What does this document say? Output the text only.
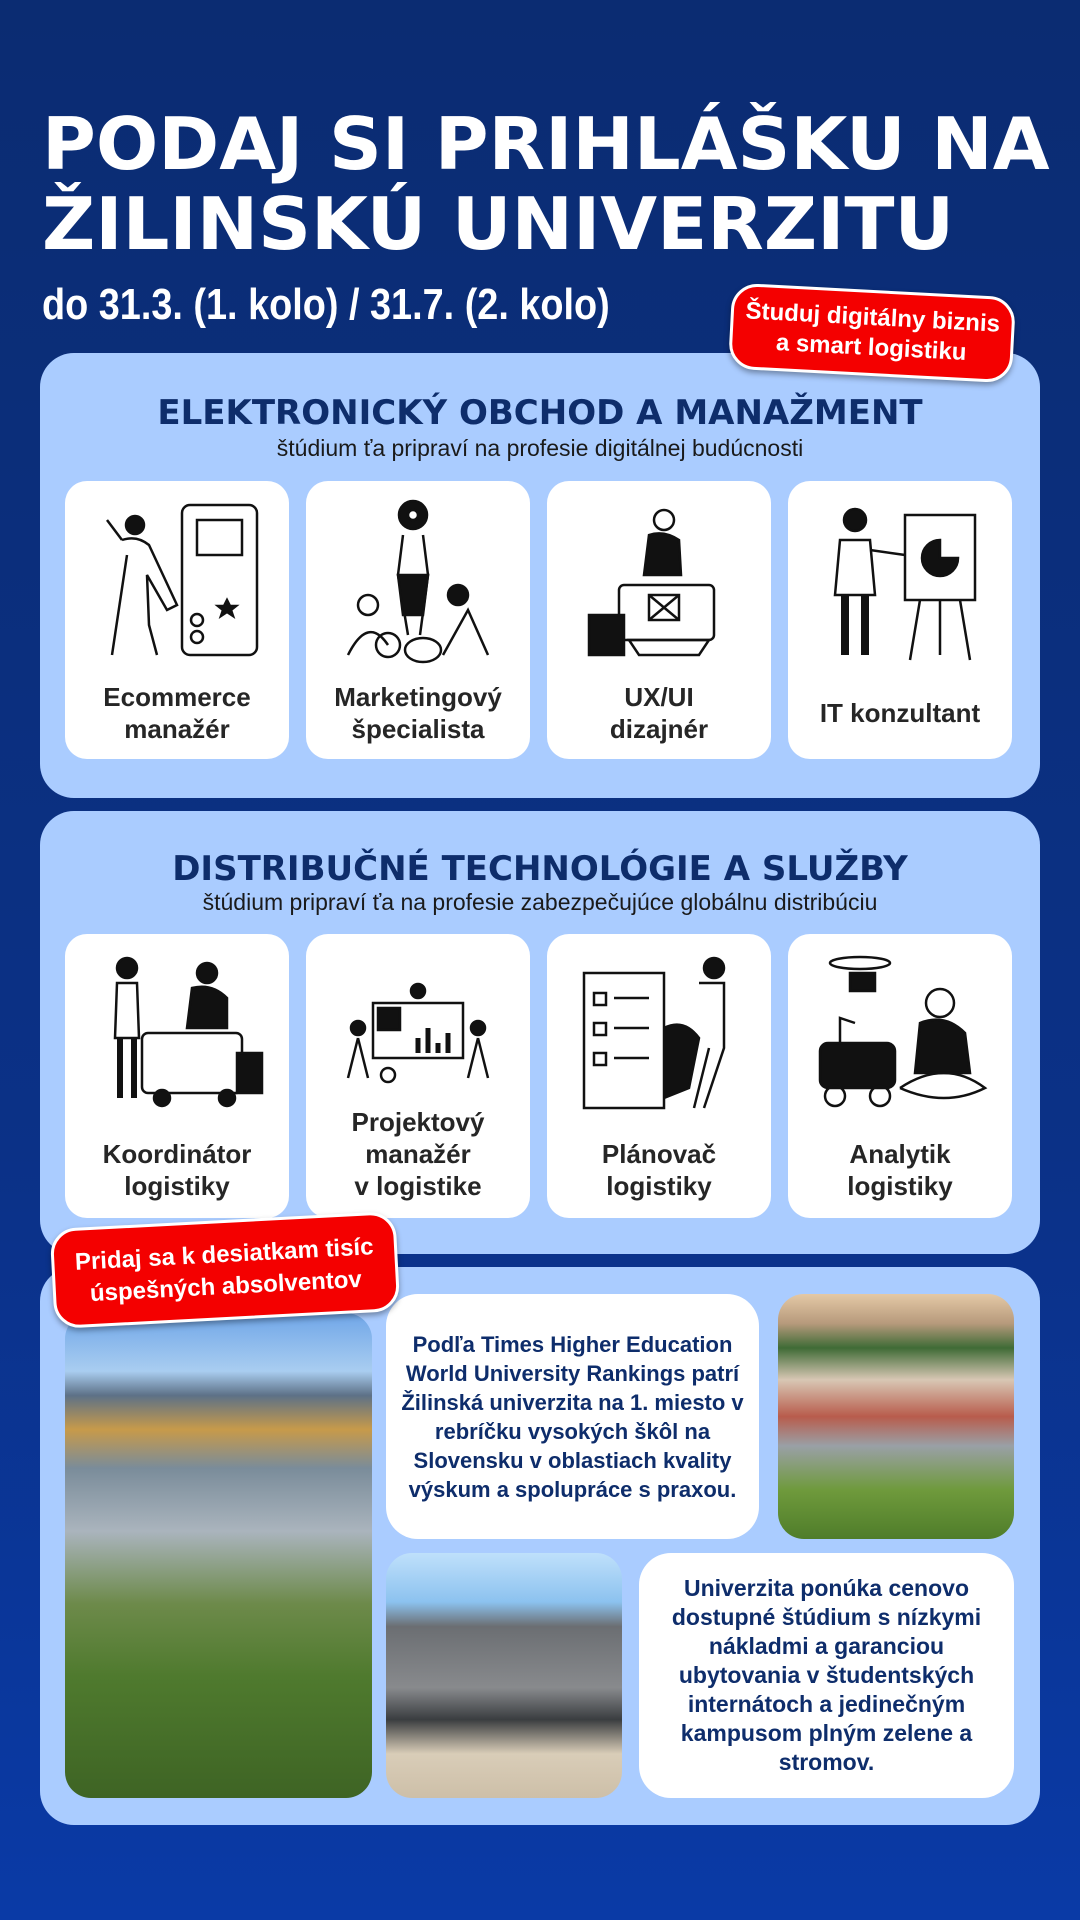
PODAJ SI PRIHLÁŠKU NA
ŽILINSKÚ UNIVERZITU
do 31.3. (1. kolo) / 31.7. (2. kolo)
ELEKTRONICKÝ OBCHOD A MANAŽMENT
štúdium ťa pripraví na profesie digitálnej budúcnosti
Ecommerce
manažér
Marketingový
špecialista
UX/UI
dizajnér
IT konzultant
Študuj digitálny biznis
a smart logistiku
DISTRIBUČNÉ TECHNOLÓGIE A SLUŽBY
štúdium pripraví ťa na profesie zabezpečujúce globálnu distribúciu
Koordinátor
logistiky
Projektový
manažér
v logistike
Plánovač
logistiky
Analytik
logistiky
Pridaj sa k desiatkam tisíc
úspešných absolventov
Podľa Times Higher Education World University Rankings patrí Žilinská univerzita na 1. miesto v rebríčku vysokých škôl na Slovensku v oblastiach kvality výskum a spolupráce s praxou.
Univerzita ponúka cenovo dostupné štúdium s nízkymi nákladmi a garanciou ubytovania v študentských internátoch a jedinečným kampusom plným zelene a stromov.
